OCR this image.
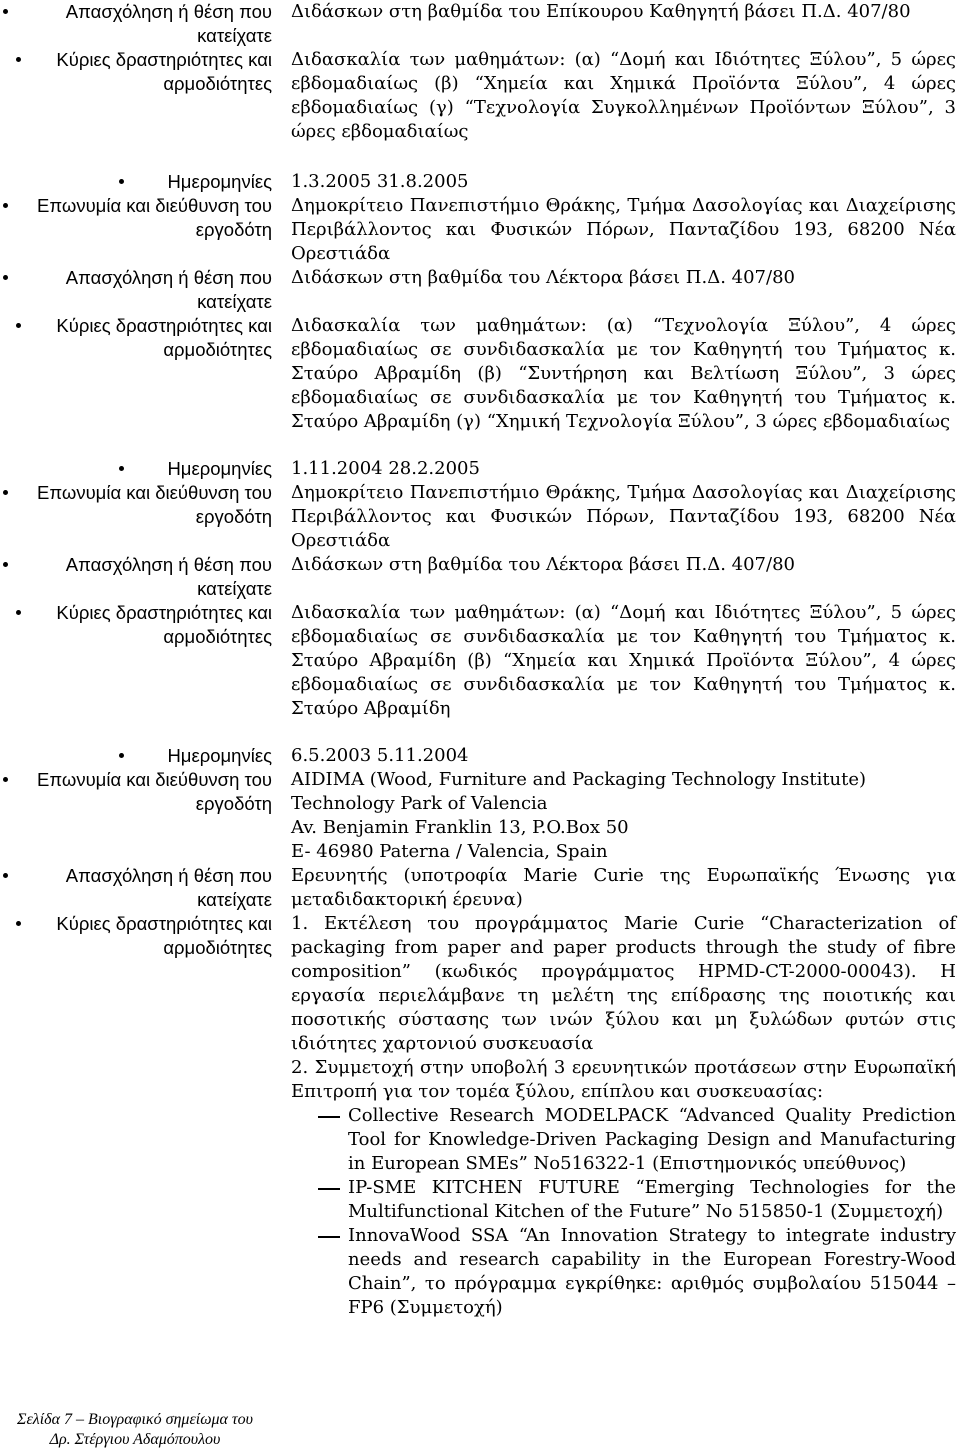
Απασχόληση ή θέση που κατείχατε
Διδάσκων στη βαθμίδα του Επίκουρου Καθηγητή βάσει Π.Δ. 407/80
Κύριες δραστηριότητες και αρμοδιότητες
Διδασκαλία των μαθημάτων: (α) “Δομή και Ιδιότητες Ξύλου”, 5 ώρες εβδομαδιαίως (β) “Χημεία και Χημικά Προϊόντα Ξύλου”, 4 ώρες εβδομαδιαίως (γ) “Τεχνολογία Συγκολλημένων Προϊόντων Ξύλου”, 3 ώρες εβδομαδιαίως
Ημερομηνίες 1.3.2005 31.8.2005
Επωνυμία και διεύθυνση του εργοδότη
Δημοκρίτειο Πανεπιστήμιο Θράκης, Τμήμα Δασολογίας και Διαχείρισης Περιβάλλοντος και Φυσικών Πόρων, Πανταζίδου 193, 68200 Νέα Ορεστιάδα
Απασχόληση ή θέση που κατείχατε
Διδάσκων στη βαθμίδα του Λέκτορα βάσει Π.Δ. 407/80
Κύριες δραστηριότητες και αρμοδιότητες
Διδασκαλία των μαθημάτων: (α) “Τεχνολογία Ξύλου”, 4 ώρες εβδομαδιαίως σε συνδιδασκαλία με τον Καθηγητή του Τμήματος κ. Σταύρο Αβραμίδη (β) “Συντήρηση και Βελτίωση Ξύλου”, 3 ώρες εβδομαδιαίως σε συνδιδασκαλία με τον Καθηγητή του Τμήματος κ. Σταύρο Αβραμίδη (γ) “Χημική Τεχνολογία Ξύλου”, 3 ώρες εβδομαδιαίως
Ημερομηνίες 1.11.2004 28.2.2005
Επωνυμία και διεύθυνση του εργοδότη
Δημοκρίτειο Πανεπιστήμιο Θράκης, Τμήμα Δασολογίας και Διαχείρισης Περιβάλλοντος και Φυσικών Πόρων, Πανταζίδου 193, 68200 Νέα Ορεστιάδα
Απασχόληση ή θέση που κατείχατε
Διδάσκων στη βαθμίδα του Λέκτορα βάσει Π.Δ. 407/80
Κύριες δραστηριότητες και αρμοδιότητες
Διδασκαλία των μαθημάτων: (α) “Δομή και Ιδιότητες Ξύλου”, 5 ώρες εβδομαδιαίως σε συνδιδασκαλία με τον Καθηγητή του Τμήματος κ. Σταύρο Αβραμίδη (β) “Χημεία και Χημικά Προϊόντα Ξύλου”, 4 ώρες εβδομαδιαίως σε συνδιδασκαλία με τον Καθηγητή του Τμήματος κ. Σταύρο Αβραμίδη
Ημερομηνίες 6.5.2003 5.11.2004
Επωνυμία και διεύθυνση του εργοδότη

AIDIMA (Wood, Furniture and Packaging Technology Institute)

Technology Park of Valencia

Av. Benjamin Franklin 13, P.O.Box 50

E- 46980 Paterna / Valencia, Spain

Απασχόληση ή θέση που κατείχατε
Ερευνητής (υποτροφία Marie Curie της Ευρωπαϊκής Ένωσης για μεταδιδακτορική έρευνα)
Κύριες δραστηριότητες και αρμοδιότητες

1. Εκτέλεση του προγράμματος Marie Curie “Characterization of packaging from paper and paper products through the study of fibre composition” (κωδικός προγράμματος HPMD-CT-2000-00043). Η εργασία περιελάμβανε τη μελέτη της επίδρασης της ποιοτικής και ποσοτικής σύστασης των ινών ξύλου και μη ξυλώδων φυτών στις ιδιότητες χαρτονιού συσκευασία

2. Συμμετοχή στην υποβολή 3 ερευνητικών προτάσεων στην Ευρωπαϊκή Επιτροπή για τον τομέα ξύλου, επίπλου και συσκευασίας:

Collective Research MODELPACK “Advanced Quality Prediction Tool for Knowledge-Driven Packaging Design and Manufacturing in European SMEs” No516322-1 (Επιστημονικός υπεύθυνος)
IP-SME KITCHEN FUTURE “Emerging Technologies for the Multifunctional Kitchen of the Future” No 515850-1 (Συμμετοχή)
InnovaWood SSA “An Innovation Strategy to integrate industry needs and research capability in the European Forestry-Wood Chain”, το πρόγραμμα εγκρίθηκε: αριθμός συμβολαίου 515044 – FP6 (Συμμετοχή)
Σελίδα 7 – Βιογραφικό σημείωμα του
Δρ. Στέργιου Αδαμόπουλου
